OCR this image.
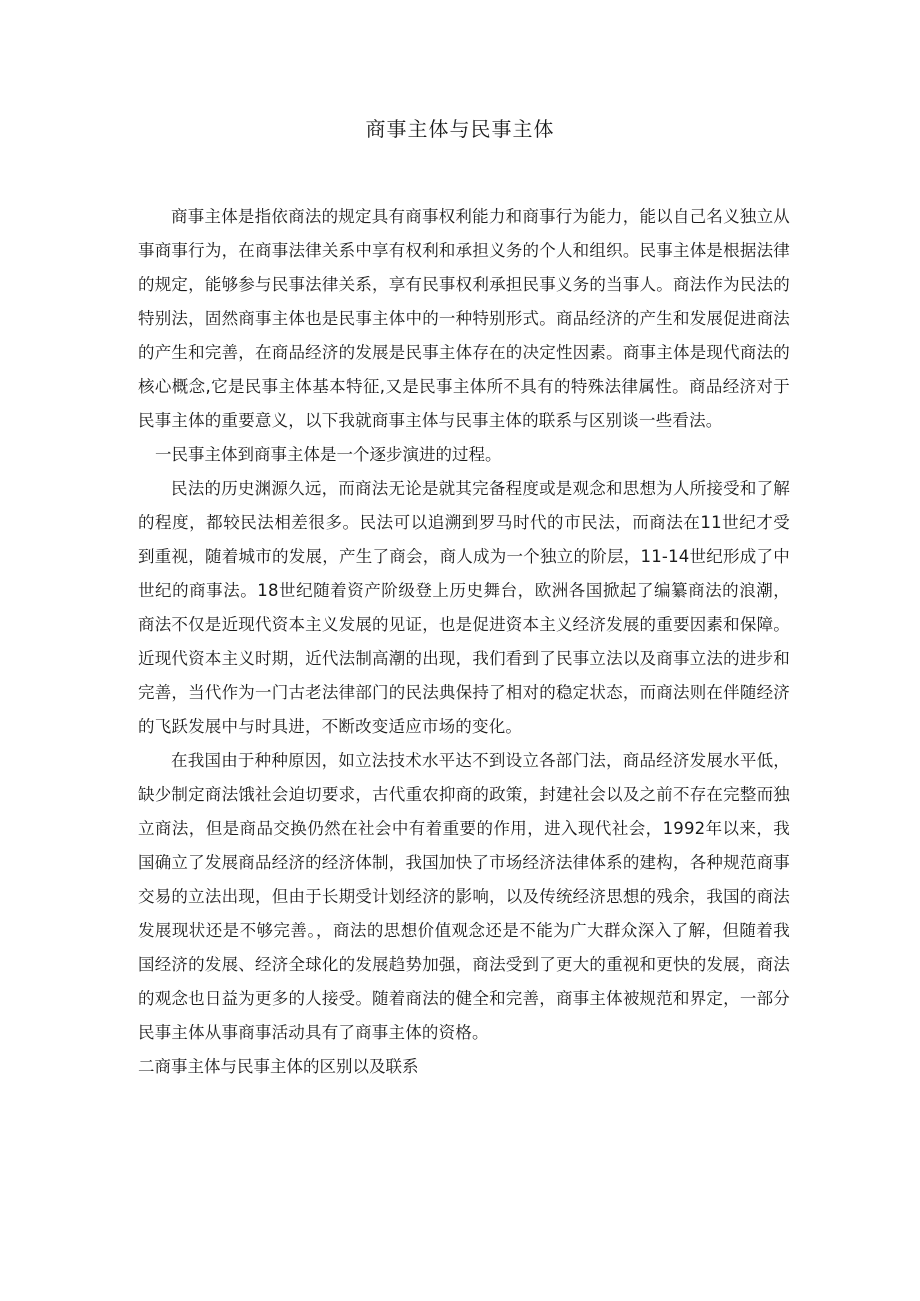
商事主体与民事主体

商事主体是指依商法的规定具有商事权利能力和商事行为能力，能以自己名义独立从事商事行为，在商事法律关系中享有权利和承担义务的个人和组织。民事主体是根据法律的规定，能够参与民事法律关系，享有民事权利承担民事义务的当事人。商法作为民法的特别法，固然商事主体也是民事主体中的一种特别形式。商品经济的产生和发展促进商法的产生和完善，在商品经济的发展是民事主体存在的决定性因素。商事主体是现代商法的核心概念,它是民事主体基本特征,又是民事主体所不具有的特殊法律属性。商品经济对于民事主体的重要意义，以下我就商事主体与民事主体的联系与区别谈一些看法。

一民事主体到商事主体是一个逐步演进的过程。

民法的历史渊源久远，而商法无论是就其完备程度或是观念和思想为人所接受和了解的程度，都较民法相差很多。民法可以追溯到罗马时代的市民法，而商法在11世纪才受到重视，随着城市的发展，产生了商会，商人成为一个独立的阶层，11-14世纪形成了中世纪的商事法。18世纪随着资产阶级登上历史舞台，欧洲各国掀起了编纂商法的浪潮，商法不仅是近现代资本主义发展的见证，也是促进资本主义经济发展的重要因素和保障。近现代资本主义时期，近代法制高潮的出现，我们看到了民事立法以及商事立法的进步和完善，当代作为一门古老法律部门的民法典保持了相对的稳定状态，而商法则在伴随经济的飞跃发展中与时具进，不断改变适应市场的变化。

在我国由于种种原因，如立法技术水平达不到设立各部门法，商品经济发展水平低，缺少制定商法饿社会迫切要求，古代重农抑商的政策，封建社会以及之前不存在完整而独立商法，但是商品交换仍然在社会中有着重要的作用，进入现代社会，1992年以来，我国确立了发展商品经济的经济体制，我国加快了市场经济法律体系的建构，各种规范商事交易的立法出现，但由于长期受计划经济的影响，以及传统经济思想的残余，我国的商法发展现状还是不够完善。，商法的思想价值观念还是不能为广大群众深入了解，但随着我国经济的发展、经济全球化的发展趋势加强，商法受到了更大的重视和更快的发展，商法的观念也日益为更多的人接受。随着商法的健全和完善，商事主体被规范和界定，一部分民事主体从事商事活动具有了商事主体的资格。

二商事主体与民事主体的区别以及联系
